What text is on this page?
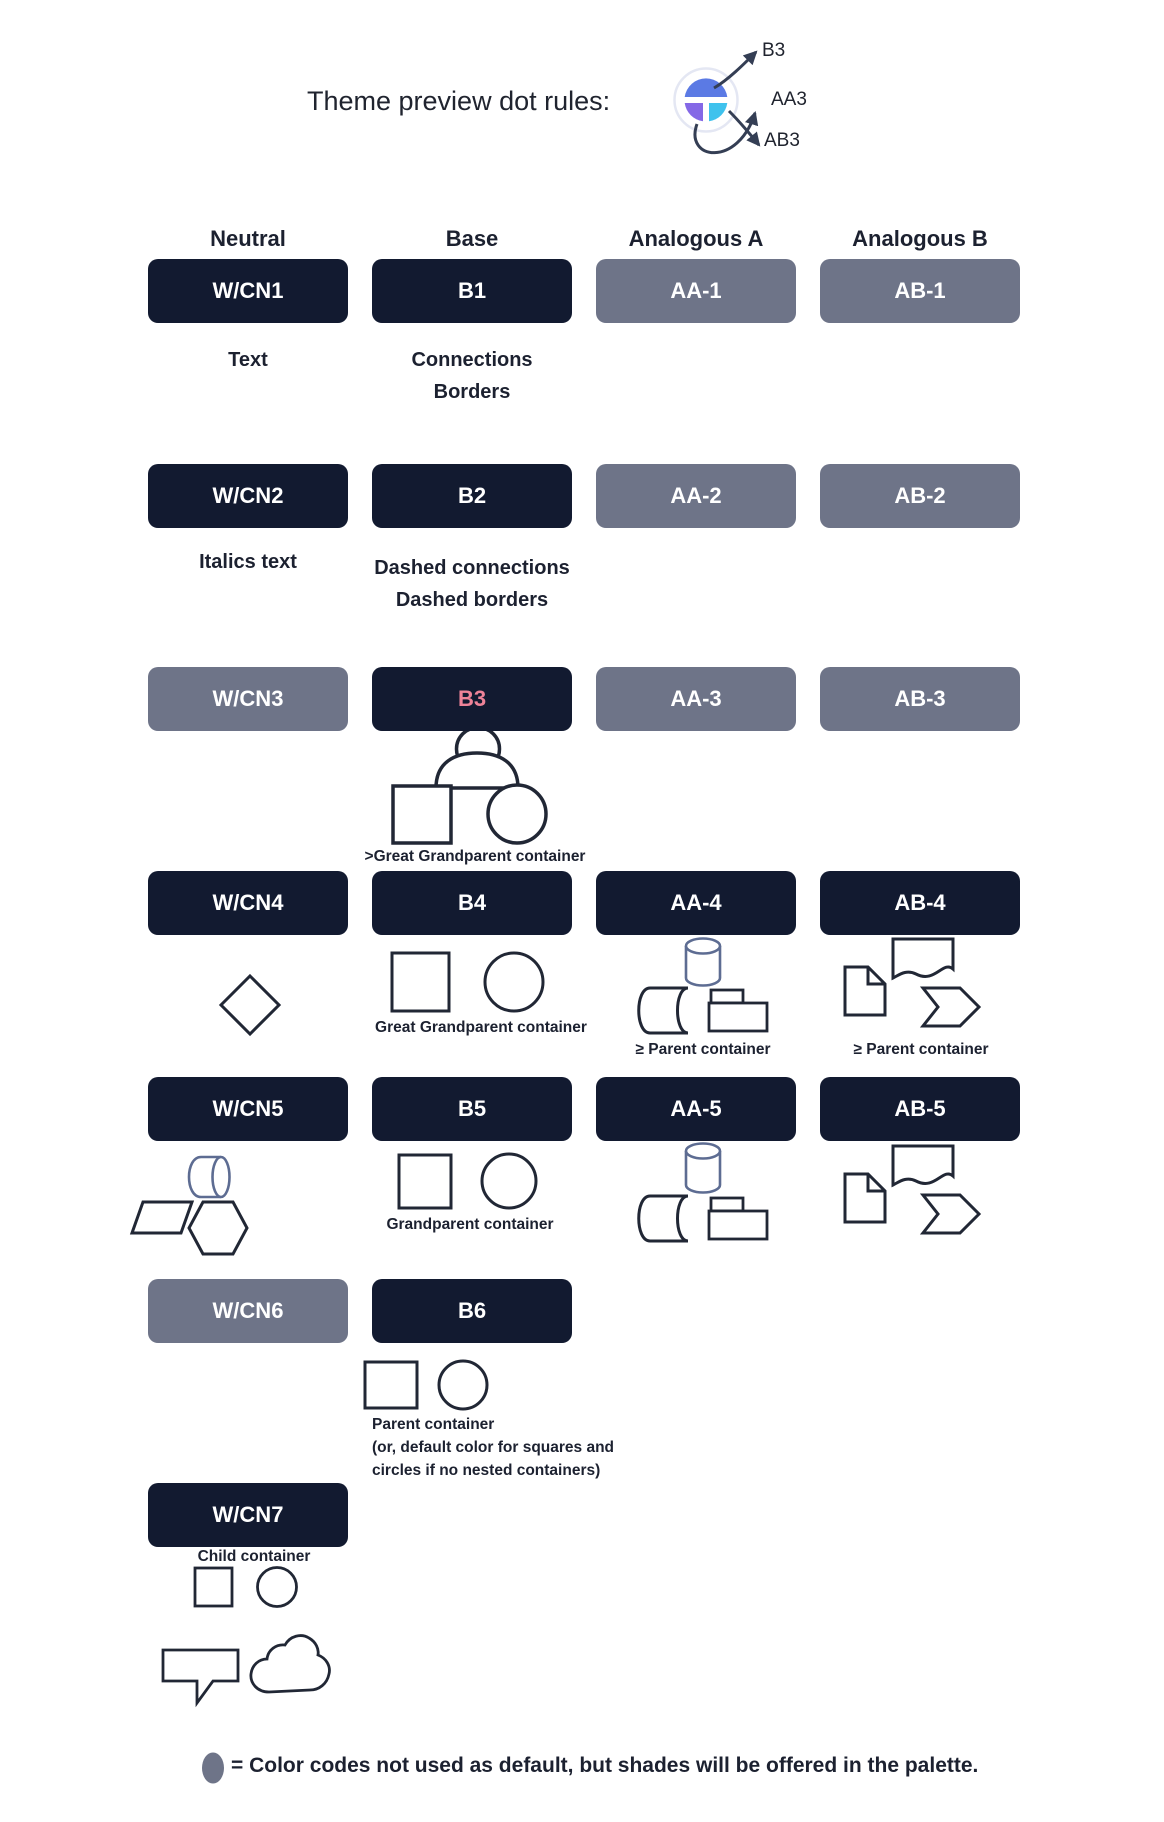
Theme preview dot rules:
B3
AA3
AB3
Neutral	Base	Analogous A	Analogous B
W/CN1	B1	AA-1	AB-1
W/CN2	B2	AA-2	AB-2
W/CN3	B3	AA-3	AB-3
W/CN4	B4	AA-4	AB-4
W/CN5	B5	AA-5	AB-5
W/CN6	B6
W/CN7
Text	Connections
Borders
Italics text	Dashed connections
Dashed borders
>Great Grandparent container
Great Grandparent container
≥ Parent container	≥ Parent container
Grandparent container
Parent container
(or, default color for squares and
circles if no nested containers)
Child container
= Color codes not used as default, but shades will be offered in the palette.
